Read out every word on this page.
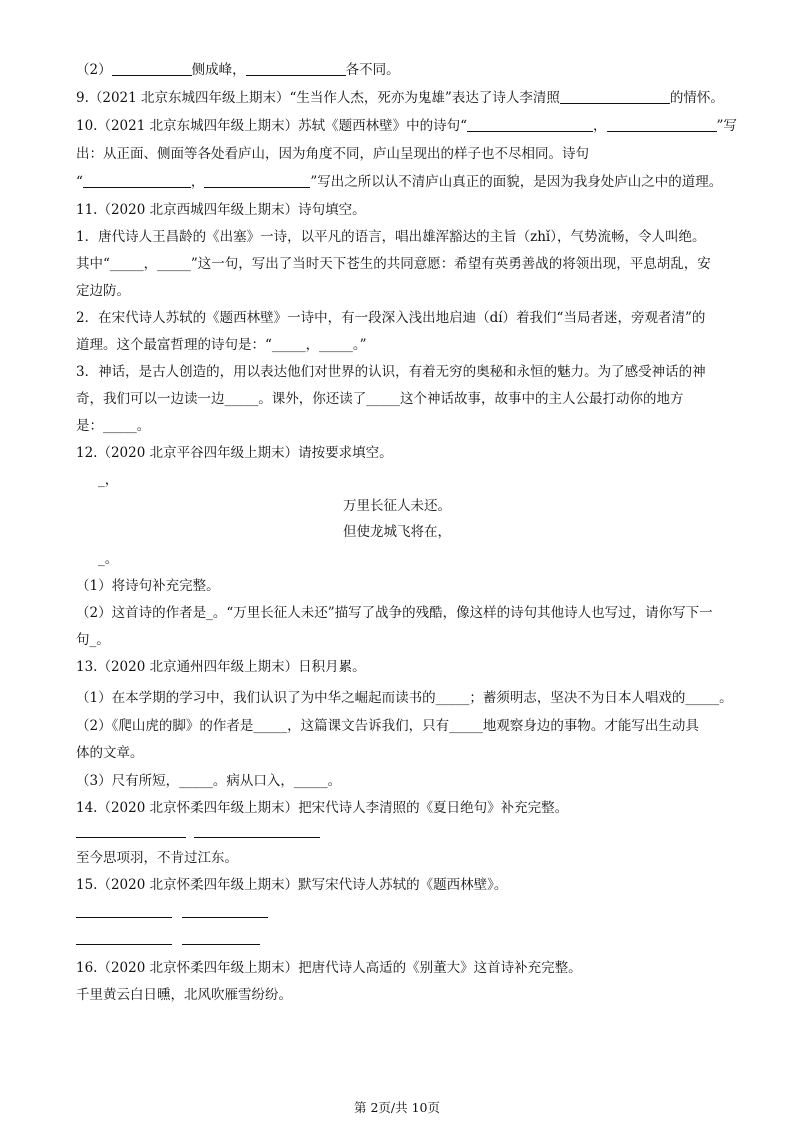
（2）	侧成峰，	各不同。
9.（2021 北京东城四年级上期末）“生当作人杰，死亦为鬼雄”表达了诗人李清照	的情怀。
10.（2021 北京东城四年级上期末）苏轼《题西林壁》中的诗句“	，	”写
出：从正面、侧面等各处看庐山，因为角度不同，庐山呈现出的样子也不尽相同。诗句
“	，	”写出之所以认不清庐山真正的面貌，是因为我身处庐山之中的道理。
11.（2020 北京西城四年级上期末）诗句填空。
1．唐代诗人王昌龄的《出塞》一诗，以平凡的语言，唱出雄浑豁达的主旨（zhǐ），气势流畅，令人叫绝。
其中“_____，_____”这一句，写出了当时天下苍生的共同意愿：希望有英勇善战的将领出现，平息胡乱，安
定边防。
2．在宋代诗人苏轼的《题西林壁》一诗中，有一段深入浅出地启迪（dí）着我们“当局者迷，旁观者清”的
道理。这个最富哲理的诗句是：“_____，_____。”
3．神话，是古人创造的，用以表达他们对世界的认识，有着无穷的奥秘和永恒的魅力。为了感受神话的神
奇，我们可以一边读一边_____。课外，你还读了_____这个神话故事，故事中的主人公最打动你的地方
是：_____。
12.（2020 北京平谷四年级上期末）请按要求填空。
_，
万里长征人未还。
但使龙城飞将在，
_。
（1）将诗句补充完整。
（2）这首诗的作者是_。“万里长征人未还”描写了战争的残酷，像这样的诗句其他诗人也写过，请你写下一
句_。
13.（2020 北京通州四年级上期末）日积月累。
（1）在本学期的学习中，我们认识了为中华之崛起而读书的_____；蓄须明志，坚决不为日本人唱戏的_____。
（2）《爬山虎的脚》的作者是_____，这篇课文告诉我们，只有_____地观察身边的事物。才能写出生动具
体的文章。
（3）尺有所短，_____。病从口入，_____。
14.（2020 北京怀柔四年级上期末）把宋代诗人李清照的《夏日绝句》补充完整。

至今思项羽，不肯过江东。
15.（2020 北京怀柔四年级上期末）默写宋代诗人苏轼的《题西林壁》。

16.（2020 北京怀柔四年级上期末）把唐代诗人高适的《别董大》这首诗补充完整。
千里黄云白日曛，北风吹雁雪纷纷。
第 2页/共 10页
